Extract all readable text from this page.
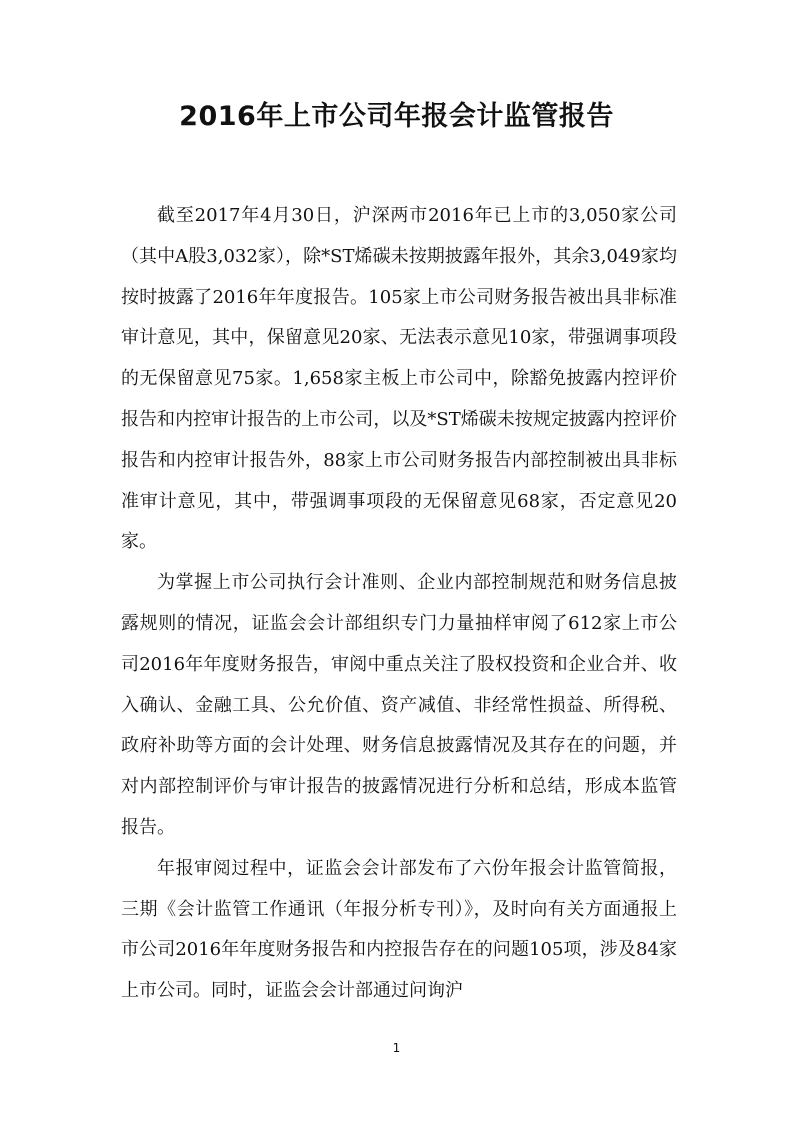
2016年上市公司年报会计监管报告

截至2017年4月30日，沪深两市2016年已上市的3,050家公司（其中A股3,032家），除*ST烯碳未按期披露年报外，其余3,049家均按时披露了2016年年度报告。105家上市公司财务报告被出具非标准审计意见，其中，保留意见20家、无法表示意见10家，带强调事项段的无保留意见75家。1,658家主板上市公司中，除豁免披露内控评价报告和内控审计报告的上市公司，以及*ST烯碳未按规定披露内控评价报告和内控审计报告外，88家上市公司财务报告内部控制被出具非标准审计意见，其中，带强调事项段的无保留意见68家，否定意见20家。

为掌握上市公司执行会计准则、企业内部控制规范和财务信息披露规则的情况，证监会会计部组织专门力量抽样审阅了612家上市公司2016年年度财务报告，审阅中重点关注了股权投资和企业合并、收入确认、金融工具、公允价值、资产减值、非经常性损益、所得税、政府补助等方面的会计处理、财务信息披露情况及其存在的问题，并对内部控制评价与审计报告的披露情况进行分析和总结，形成本监管报告。

年报审阅过程中，证监会会计部发布了六份年报会计监管简报，三期《会计监管工作通讯（年报分析专刊）》，及时向有关方面通报上市公司2016年年度财务报告和内控报告存在的问题105项，涉及84家上市公司。同时，证监会会计部通过问询沪

1
